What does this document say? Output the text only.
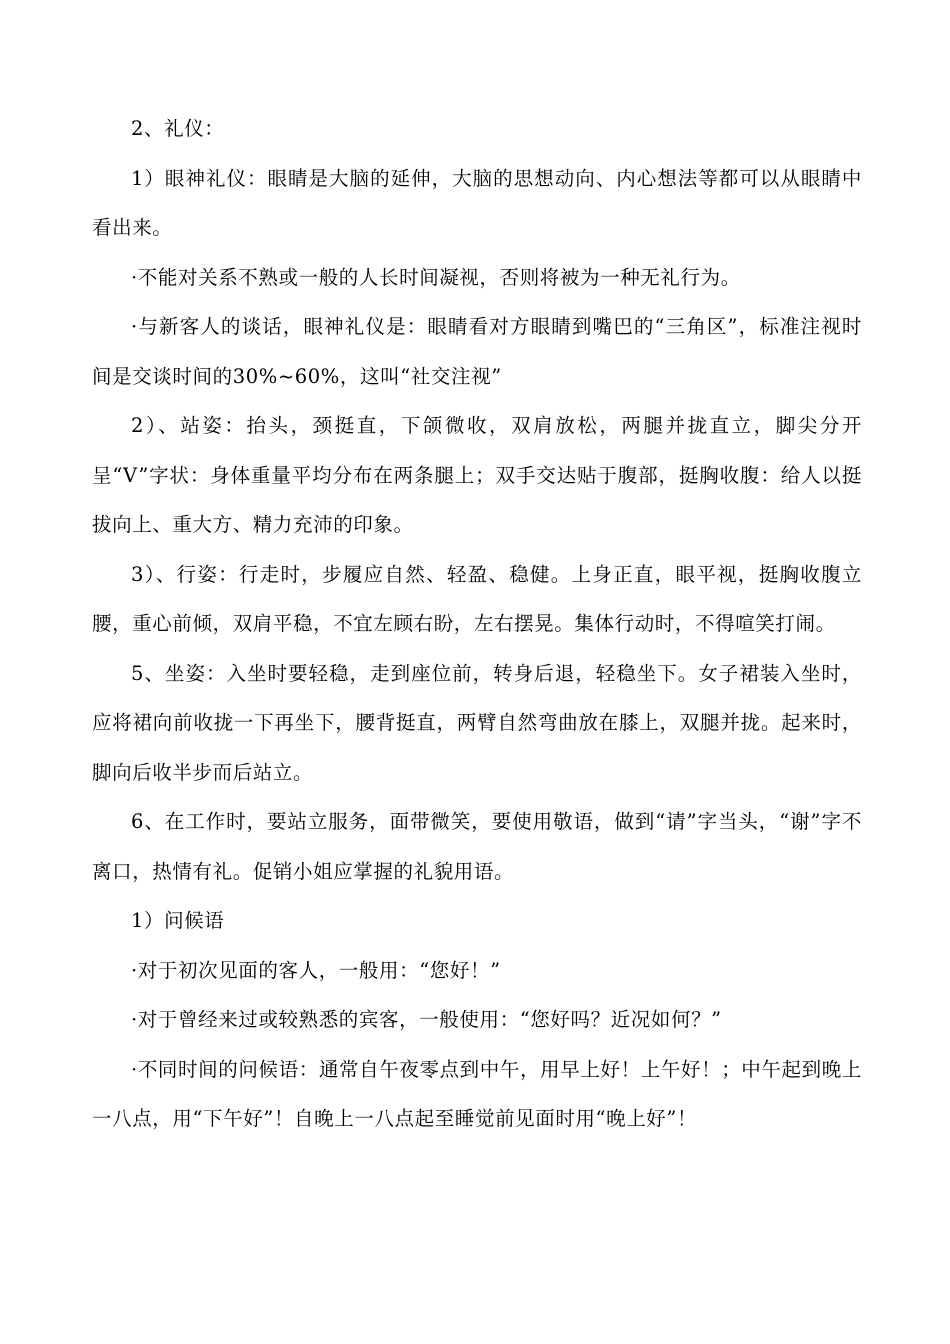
2、礼仪：

1）眼神礼仪：眼睛是大脑的延伸，大脑的思想动向、内心想法等都可以从眼睛中看出来。

·不能对关系不熟或一般的人长时间凝视，否则将被为一种无礼行为。

·与新客人的谈话，眼神礼仪是：眼睛看对方眼睛到嘴巴的“三角区”，标准注视时间是交谈时间的30%~60%，这叫“社交注视”

2）、站姿：抬头，颈挺直，下颌微收，双肩放松，两腿并拢直立，脚尖分开呈“V”字状：身体重量平均分布在两条腿上；双手交达贴于腹部，挺胸收腹：给人以挺拔向上、重大方、精力充沛的印象。

3）、行姿：行走时，步履应自然、轻盈、稳健。上身正直，眼平视，挺胸收腹立腰，重心前倾，双肩平稳，不宜左顾右盼，左右摆晃。集体行动时，不得喧笑打闹。

5、坐姿：入坐时要轻稳，走到座位前，转身后退，轻稳坐下。女子裙装入坐时，应将裙向前收拢一下再坐下，腰背挺直，两臂自然弯曲放在膝上，双腿并拢。起来时，脚向后收半步而后站立。

6、在工作时，要站立服务，面带微笑，要使用敬语，做到“请”字当头，“谢”字不离口，热情有礼。促销小姐应掌握的礼貌用语。

1）问候语

·对于初次见面的客人，一般用：“您好！”

·对于曾经来过或较熟悉的宾客，一般使用：“您好吗？近况如何？”

·不同时间的问候语：通常自午夜零点到中午，用早上好！上午好！；中午起到晚上一八点，用“下午好”！自晚上一八点起至睡觉前见面时用“晚上好”！
